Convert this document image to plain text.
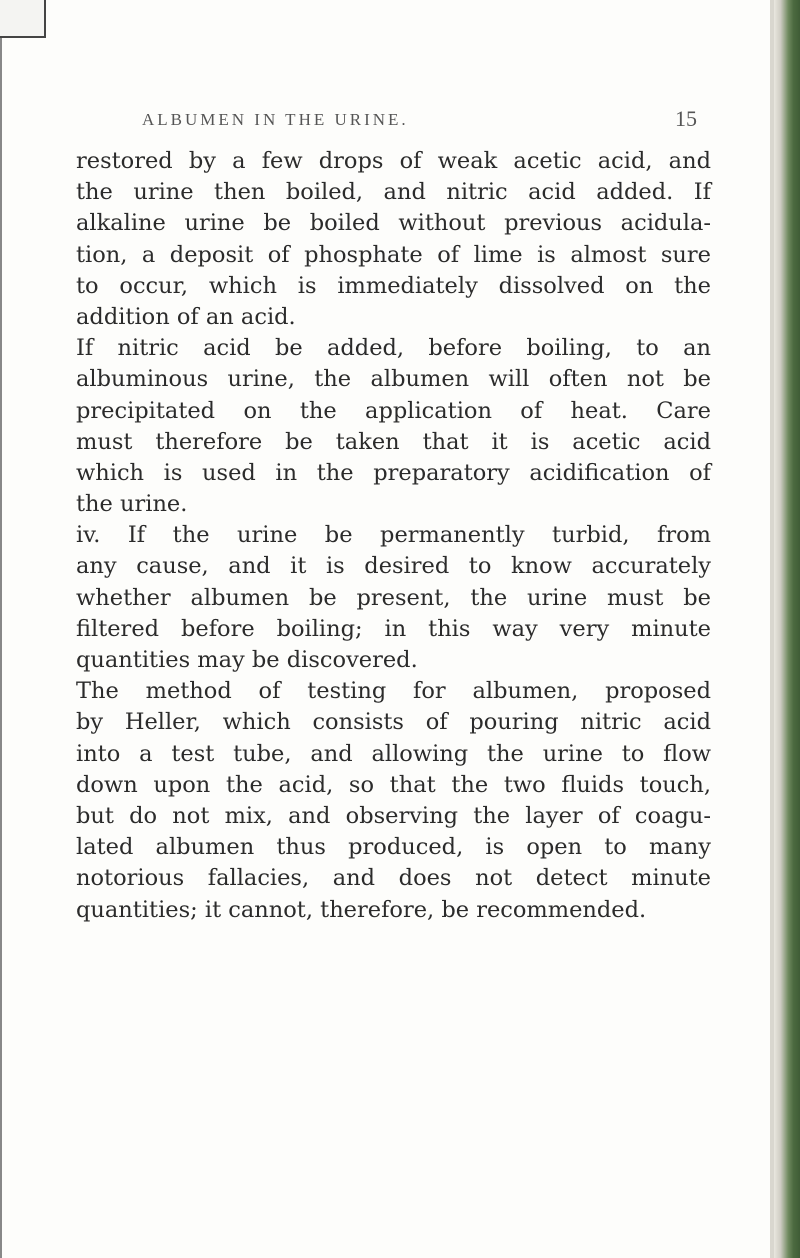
ALBUMEN IN THE URINE.	15
restored by a few drops of weak acetic acid, and
the urine then boiled, and nitric acid added. If
alkaline urine be boiled without previous acidula-
tion, a deposit of phosphate of lime is almost sure
to occur, which is immediately dissolved on the
addition of an acid.
If nitric acid be added, before boiling, to an
albuminous urine, the albumen will often not be
precipitated on the application of heat. Care
must therefore be taken that it is acetic acid
which is used in the preparatory acidification of
the urine.
iv. If the urine be permanently turbid, from
any cause, and it is desired to know accurately
whether albumen be present, the urine must be
filtered before boiling; in this way very minute
quantities may be discovered.
The method of testing for albumen, proposed
by Heller, which consists of pouring nitric acid
into a test tube, and allowing the urine to flow
down upon the acid, so that the two fluids touch,
but do not mix, and observing the layer of coagu-
lated albumen thus produced, is open to many
notorious fallacies, and does not detect minute
quantities; it cannot, therefore, be recommended.
